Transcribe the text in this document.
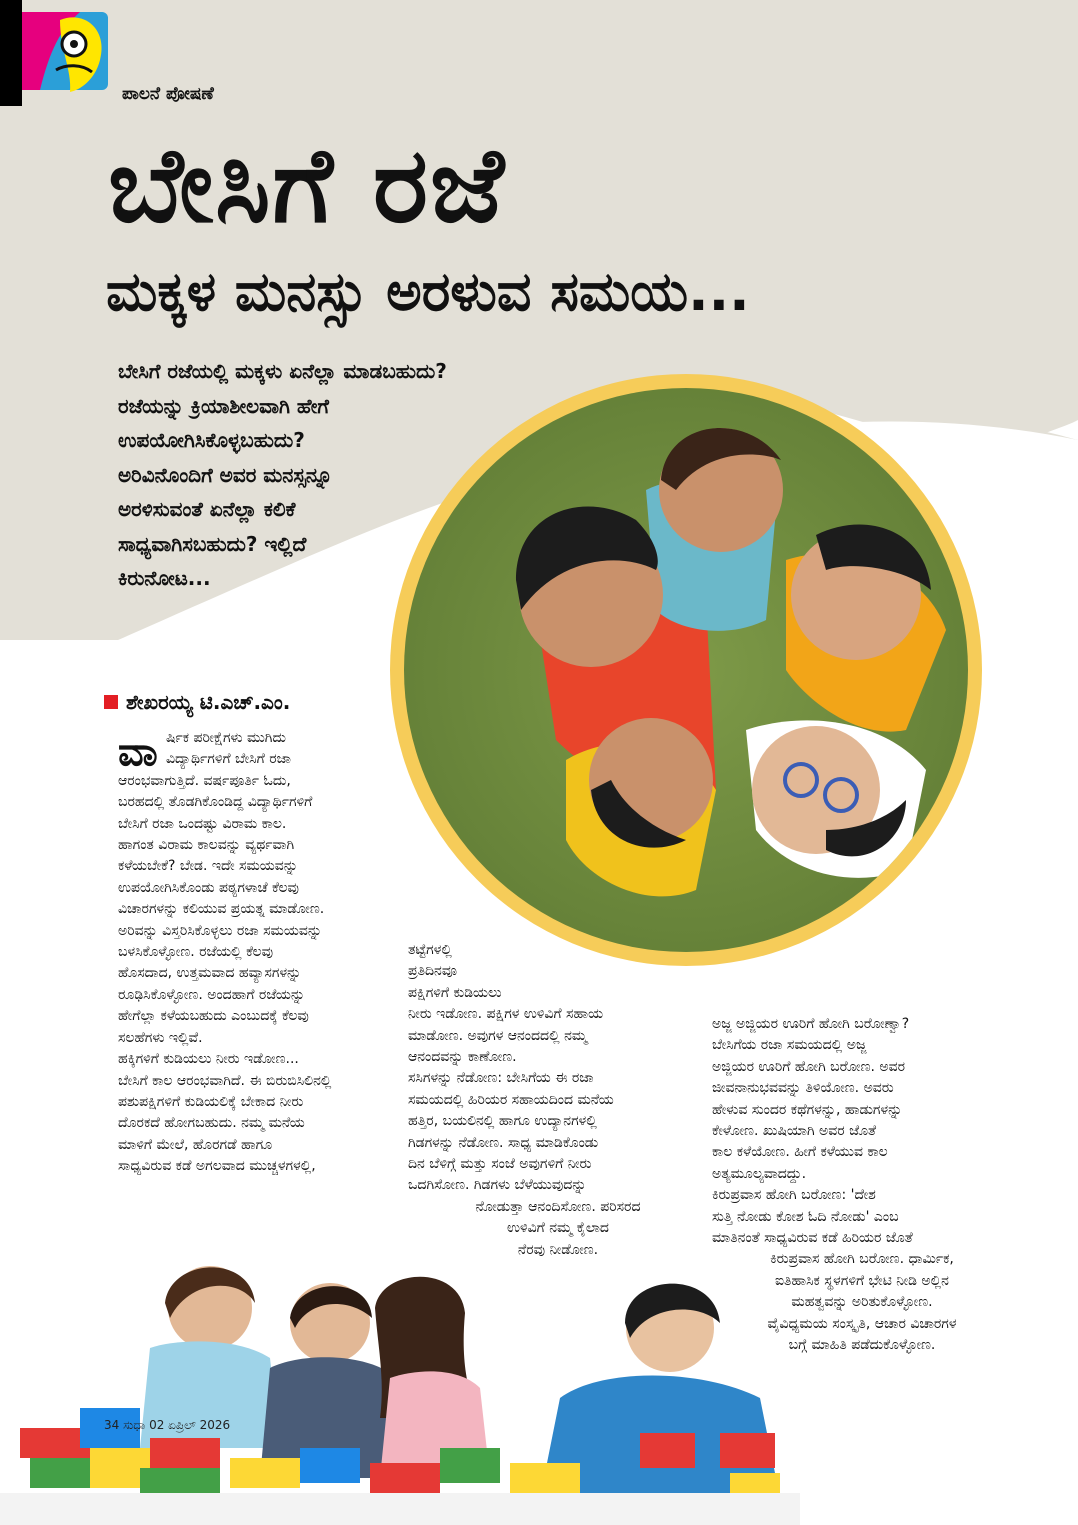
ಪಾಲನೆ ಪೋಷಣೆ
ಬೇಸಿಗೆ ರಜೆ
ಮಕ್ಕಳ ಮನಸ್ಸು ಅರಳುವ ಸಮಯ...

ಬೇಸಿಗೆ ರಜೆಯಲ್ಲಿ ಮಕ್ಕಳು ಏನೆಲ್ಲಾ ಮಾಡಬಹುದು?
ರಜೆಯನ್ನು ಕ್ರಿಯಾಶೀಲವಾಗಿ ಹೇಗೆ
ಉಪಯೋಗಿಸಿಕೊಳ್ಳಬಹುದು?
ಅರಿವಿನೊಂದಿಗೆ ಅವರ ಮನಸ್ಸನ್ನೂ
ಅರಳಿಸುವಂತೆ ಏನೆಲ್ಲಾ ಕಲಿಕೆ
ಸಾಧ್ಯವಾಗಿಸಬಹುದು? ಇಲ್ಲಿದೆ
ಕಿರುನೋಟ...

ಶೇಖರಯ್ಯ ಟಿ.ಎಚ್.ಎಂ.
ವಾ ರ್ಷಿಕ ಪರೀಕ್ಷೆಗಳು ಮುಗಿದು
ವಿದ್ಯಾರ್ಥಿಗಳಿಗೆ ಬೇಸಿಗೆ ರಜಾ
ಆರಂಭವಾಗುತ್ತಿದೆ. ವರ್ಷಪೂರ್ತಿ ಓದು,
ಬರಹದಲ್ಲಿ ತೊಡಗಿಕೊಂಡಿದ್ದ ವಿದ್ಯಾರ್ಥಿಗಳಿಗೆ
ಬೇಸಿಗೆ ರಜಾ ಒಂದಷ್ಟು ವಿರಾಮ ಕಾಲ.
ಹಾಗಂತ ವಿರಾಮ ಕಾಲವನ್ನು ವ್ಯರ್ಥವಾಗಿ
ಕಳೆಯಬೇಕೆ? ಬೇಡ. ಇದೇ ಸಮಯವನ್ನು
ಉಪಯೋಗಿಸಿಕೊಂಡು ಪಠ್ಯಗಳಾಚೆ ಕೆಲವು
ವಿಚಾರಗಳನ್ನು ಕಲಿಯುವ ಪ್ರಯತ್ನ ಮಾಡೋಣ.
ಅರಿವನ್ನು ವಿಸ್ತರಿಸಿಕೊಳ್ಳಲು ರಜಾ ಸಮಯವನ್ನು
ಬಳಸಿಕೊಳ್ಳೋಣ. ರಜೆಯಲ್ಲಿ ಕೆಲವು
ಹೊಸದಾದ, ಉತ್ತಮವಾದ ಹವ್ಯಾಸಗಳನ್ನು
ರೂಢಿಸಿಕೊಳ್ಳೋಣ. ಅಂದಹಾಗೆ ರಜೆಯನ್ನು
ಹೇಗೆಲ್ಲಾ ಕಳೆಯಬಹುದು ಎಂಬುದಕ್ಕೆ ಕೆಲವು
ಸಲಹೆಗಳು ಇಲ್ಲಿವೆ.
ಹಕ್ಕಿಗಳಿಗೆ ಕುಡಿಯಲು ನೀರು ಇಡೋಣ...
ಬೇಸಿಗೆ ಕಾಲ ಆರಂಭವಾಗಿದೆ. ಈ ಬಿರುಬಿಸಿಲಿನಲ್ಲಿ
ಪಶುಪಕ್ಷಿಗಳಿಗೆ ಕುಡಿಯಲಿಕ್ಕೆ ಬೇಕಾದ ನೀರು
ದೊರಕದೆ ಹೋಗಬಹುದು. ನಮ್ಮ ಮನೆಯ
ಮಾಳಿಗೆ ಮೇಲೆ, ಹೊರಗಡೆ ಹಾಗೂ
ಸಾಧ್ಯವಿರುವ ಕಡೆ ಅಗಲವಾದ ಮುಚ್ಚಳಗಳಲ್ಲಿ,
ತಟ್ಟೆಗಳಲ್ಲಿ
ಪ್ರತಿದಿನವೂ
ಪಕ್ಷಿಗಳಿಗೆ ಕುಡಿಯಲು
ನೀರು ಇಡೋಣ. ಪಕ್ಷಿಗಳ ಉಳಿವಿಗೆ ಸಹಾಯ
ಮಾಡೋಣ. ಅವುಗಳ ಆನಂದದಲ್ಲಿ ನಮ್ಮ
ಆನಂದವನ್ನು ಕಾಣೋಣ.
ಸಸಿಗಳನ್ನು ನೆಡೋಣ: ಬೇಸಿಗೆಯ ಈ ರಜಾ
ಸಮಯದಲ್ಲಿ ಹಿರಿಯರ ಸಹಾಯದಿಂದ ಮನೆಯ
ಹತ್ತಿರ, ಬಯಲಿನಲ್ಲಿ ಹಾಗೂ ಉದ್ಯಾನಗಳಲ್ಲಿ
ಗಿಡಗಳನ್ನು ನೆಡೋಣ. ಸಾಧ್ಯ ಮಾಡಿಕೊಂಡು
ದಿನ ಬೆಳಿಗ್ಗೆ ಮತ್ತು ಸಂಜೆ ಅವುಗಳಿಗೆ ನೀರು
ಒದಗಿಸೋಣ. ಗಿಡಗಳು ಬೆಳೆಯುವುದನ್ನು
ನೋಡುತ್ತಾ ಆನಂದಿಸೋಣ. ಪರಿಸರದ
ಉಳಿವಿಗೆ ನಮ್ಮ ಕೈಲಾದ
ನೆರವು ನೀಡೋಣ.
ಅಜ್ಜ ಅಜ್ಜಿಯರ ಊರಿಗೆ ಹೋಗಿ ಬರೋಣ್ವಾ?
ಬೇಸಿಗೆಯ ರಜಾ ಸಮಯದಲ್ಲಿ ಅಜ್ಜ
ಅಜ್ಜಿಯರ ಊರಿಗೆ ಹೋಗಿ ಬರೋಣ. ಅವರ
ಜೀವನಾನುಭವವನ್ನು ತಿಳಿಯೋಣ. ಅವರು
ಹೇಳುವ ಸುಂದರ ಕಥೆಗಳನ್ನು, ಹಾಡುಗಳನ್ನು
ಕೇಳೋಣ. ಖುಷಿಯಾಗಿ ಅವರ ಜೊತೆ
ಕಾಲ ಕಳೆಯೋಣ. ಹೀಗೆ ಕಳೆಯುವ ಕಾಲ
ಅತ್ಯಮೂಲ್ಯವಾದದ್ದು.
ಕಿರುಪ್ರವಾಸ ಹೋಗಿ ಬರೋಣ: 'ದೇಶ
ಸುತ್ತಿ ನೋಡು ಕೋಶ ಓದಿ ನೋಡು' ಎಂಬ
ಮಾತಿನಂತೆ ಸಾಧ್ಯವಿರುವ ಕಡೆ ಹಿರಿಯರ ಜೊತೆ
ಕಿರುಪ್ರವಾಸ ಹೋಗಿ ಬರೋಣ. ಧಾರ್ಮಿಕ,
ಐತಿಹಾಸಿಕ ಸ್ಥಳಗಳಿಗೆ ಭೇಟಿ ನೀಡಿ ಅಲ್ಲಿನ
ಮಹತ್ವವನ್ನು ಅರಿತುಕೊಳ್ಳೋಣ.
ವೈವಿಧ್ಯಮಯ ಸಂಸ್ಕೃತಿ, ಆಚಾರ ವಿಚಾರಗಳ
ಬಗ್ಗೆ ಮಾಹಿತಿ ಪಡೆದುಕೊಳ್ಳೋಣ.
34 ಸುಧಾ 02 ಏಪ್ರಿಲ್ 2026
